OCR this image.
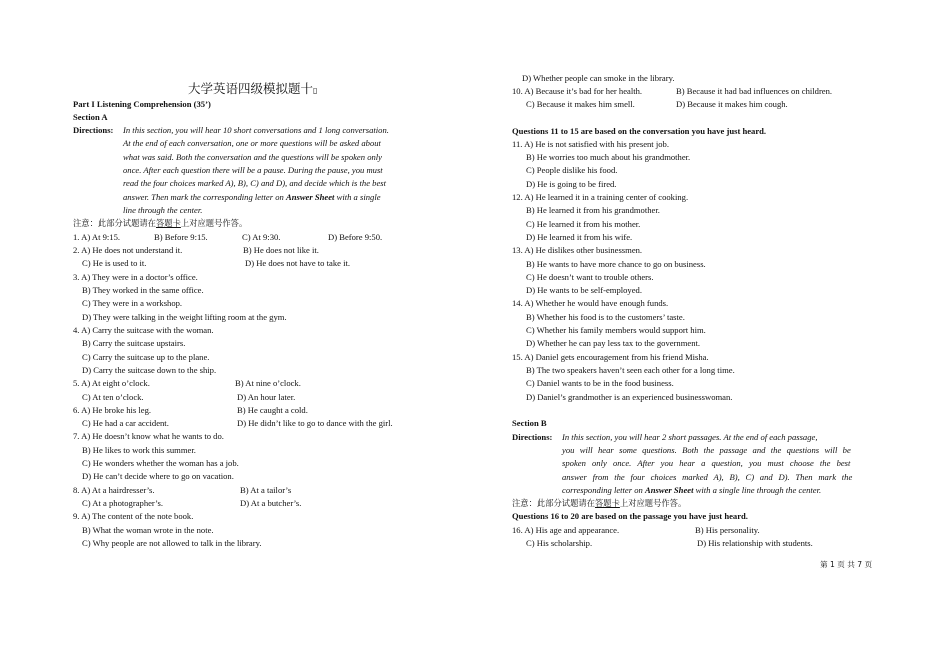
大学英语四级模拟题十▯
Part I Listening Comprehension (35’)
Section A
Directions: In this section, you will hear 10 short conversations and 1 long conversation.
At the end of each conversation, one or more questions will be asked about
what was said. Both the conversation and the questions will be spoken only
once. After each question there will be a pause. During the pause, you must
read the four choices marked A), B), C) and D), and decide which is the best
answer. Then mark the corresponding letter on Answer Sheet with a single
line through the center.
注意：此部分试题请在答题卡上对应题号作答。
1. A) At 9:15.	B) Before 9:15.	C) At 9:30.	D) Before 9:50.
2. A) He does not understand it.	B) He does not like it.
C) He is used to it.	D) He does not have to take it.
3. A) They were in a doctor’s office.
B) They worked in the same office.
C) They were in a workshop.
D) They were talking in the weight lifting room at the gym.
4. A) Carry the suitcase with the woman.
B) Carry the suitcase upstairs.
C) Carry the suitcase up to the plane.
D) Carry the suitcase down to the ship.
5. A) At eight o’clock.	B) At nine o’clock.
C) At ten o’clock.	D) An hour later.
6. A) He broke his leg.	B) He caught a cold.
C) He had a car accident.	D) He didn’t like to go to dance with the girl.
7. A) He doesn’t know what he wants to do.
B) He likes to work this summer.
C) He wonders whether the woman has a job.
D) He can’t decide where to go on vacation.
8. A) At a hairdresser’s.	B) At a tailor’s
C) At a photographer’s.	D) At a butcher’s.
9. A) The content of the note book.
B) What the woman wrote in the note.
C) Why people are not allowed to talk in the library.
D) Whether people can smoke in the library.
10. A) Because it’s bad for her health.	B) Because it had bad influences on children.
C) Because it makes him smell.	D) Because it makes him cough.
Questions 11 to 15 are based on the conversation you have just heard.
11. A) He is not satisfied with his present job.
B) He worries too much about his grandmother.
C) People dislike his food.
D) He is going to be fired.
12. A) He learned it in a training center of cooking.
B) He learned it from his grandmother.
C) He learned it from his mother.
D) He learned it from his wife.
13. A) He dislikes other businessmen.
B) He wants to have more chance to go on business.
C) He doesn’t want to trouble others.
D) He wants to be self-employed.
14. A) Whether he would have enough funds.
B) Whether his food is to the customers’ taste.
C) Whether his family members would support him.
D) Whether he can pay less tax to the government.
15. A) Daniel gets encouragement from his friend Misha.
B) The two speakers haven’t seen each other for a long time.
C) Daniel wants to be in the food business.
D) Daniel’s grandmother is an experienced businesswoman.
Section B
Directions: In this section, you will hear 2 short passages. At the end of each passage,
you will hear some questions. Both the passage and the questions will be
spoken only once. After you hear a question, you must choose the best
answer from the four choices marked A), B), C) and D). Then mark the
corresponding letter on Answer Sheet with a single line through the center.
注意：此部分试题请在答题卡上对应题号作答。
Questions 16 to 20 are based on the passage you have just heard.
16. A) His age and appearance.	B) His personality.
C) His scholarship.	D) His relationship with students.
第 1 页 共 7 页
